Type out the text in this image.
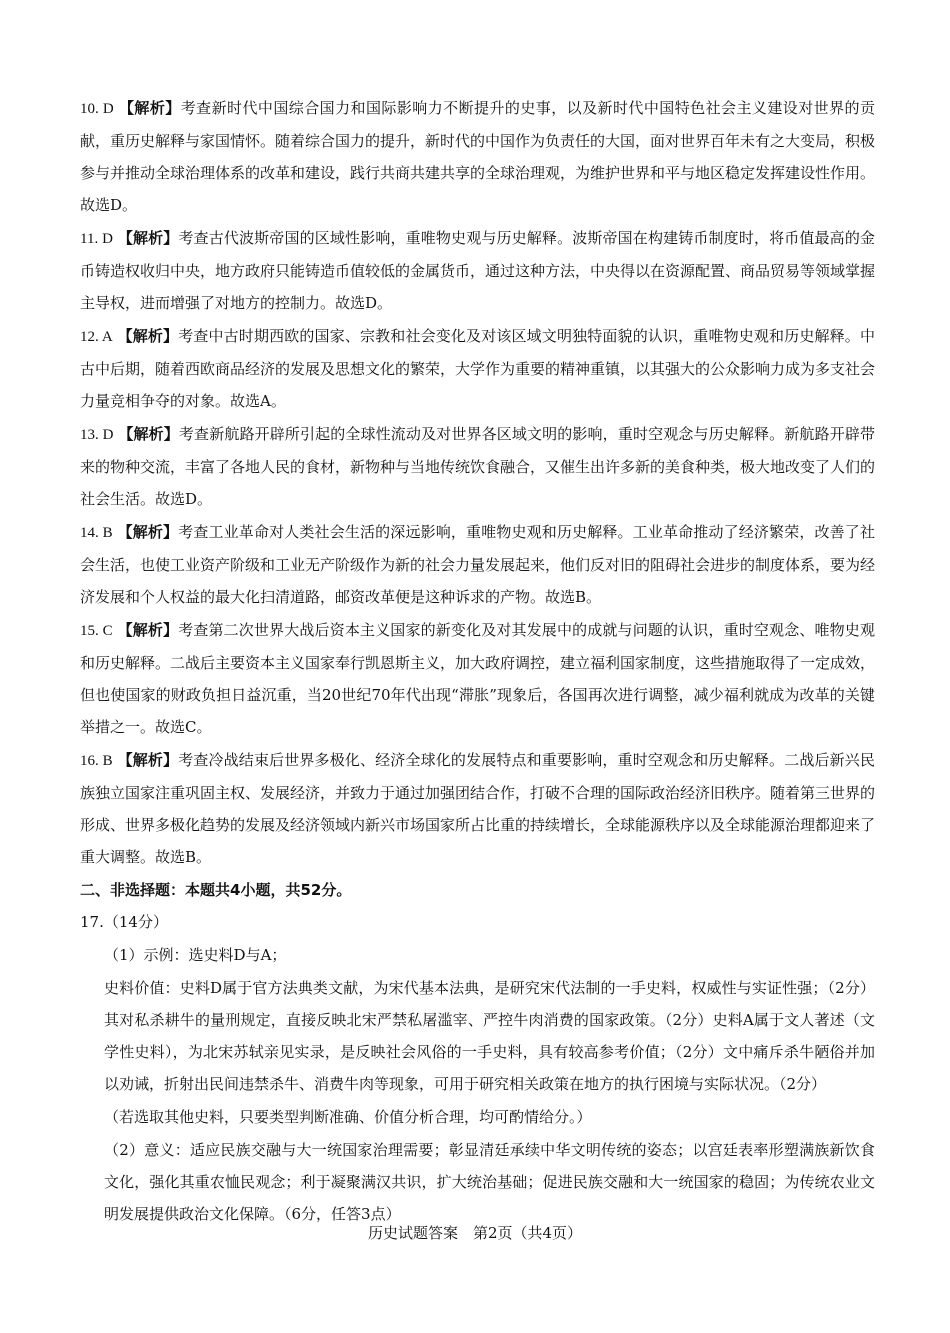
10. D 【解析】考查新时代中国综合国力和国际影响力不断提升的史事，以及新时代中国特色社会主义建设对世界的贡献，重历史解释与家国情怀。随着综合国力的提升，新时代的中国作为负责任的大国，面对世界百年未有之大变局，积极参与并推动全球治理体系的改革和建设，践行共商共建共享的全球治理观，为维护世界和平与地区稳定发挥建设性作用。故选D。

11. D 【解析】考查古代波斯帝国的区域性影响，重唯物史观与历史解释。波斯帝国在构建铸币制度时，将币值最高的金币铸造权收归中央，地方政府只能铸造币值较低的金属货币，通过这种方法，中央得以在资源配置、商品贸易等领域掌握主导权，进而增强了对地方的控制力。故选D。

12. A 【解析】考查中古时期西欧的国家、宗教和社会变化及对该区域文明独特面貌的认识，重唯物史观和历史解释。中古中后期，随着西欧商品经济的发展及思想文化的繁荣，大学作为重要的精神重镇，以其强大的公众影响力成为多支社会力量竞相争夺的对象。故选A。

13. D 【解析】考查新航路开辟所引起的全球性流动及对世界各区域文明的影响，重时空观念与历史解释。新航路开辟带来的物种交流，丰富了各地人民的食材，新物种与当地传统饮食融合，又催生出许多新的美食种类，极大地改变了人们的社会生活。故选D。

14. B 【解析】考查工业革命对人类社会生活的深远影响，重唯物史观和历史解释。工业革命推动了经济繁荣，改善了社会生活，也使工业资产阶级和工业无产阶级作为新的社会力量发展起来，他们反对旧的阻碍社会进步的制度体系，要为经济发展和个人权益的最大化扫清道路，邮资改革便是这种诉求的产物。故选B。

15. C 【解析】考查第二次世界大战后资本主义国家的新变化及对其发展中的成就与问题的认识，重时空观念、唯物史观和历史解释。二战后主要资本主义国家奉行凯恩斯主义，加大政府调控，建立福利国家制度，这些措施取得了一定成效，但也使国家的财政负担日益沉重，当20世纪70年代出现“滞胀”现象后，各国再次进行调整，减少福利就成为改革的关键举措之一。故选C。

16. B 【解析】考查冷战结束后世界多极化、经济全球化的发展特点和重要影响，重时空观念和历史解释。二战后新兴民族独立国家注重巩固主权、发展经济，并致力于通过加强团结合作，打破不合理的国际政治经济旧秩序。随着第三世界的形成、世界多极化趋势的发展及经济领域内新兴市场国家所占比重的持续增长，全球能源秩序以及全球能源治理都迎来了重大调整。故选B。

二、非选择题：本题共4小题，共52分。

17.（14分）

（1）示例：选史料D与A；

史料价值：史料D属于官方法典类文献，为宋代基本法典，是研究宋代法制的一手史料，权威性与实证性强；（2分）其对私杀耕牛的量刑规定，直接反映北宋严禁私屠滥宰、严控牛肉消费的国家政策。（2分）史料A属于文人著述（文学性史料），为北宋苏轼亲见实录，是反映社会风俗的一手史料，具有较高参考价值；（2分）文中痛斥杀牛陋俗并加以劝诫，折射出民间违禁杀牛、消费牛肉等现象，可用于研究相关政策在地方的执行困境与实际状况。（2分）

（若选取其他史料，只要类型判断准确、价值分析合理，均可酌情给分。）

（2）意义：适应民族交融与大一统国家治理需要；彰显清廷承续中华文明传统的姿态；以宫廷表率形塑满族新饮食文化，强化其重农恤民观念；利于凝聚满汉共识，扩大统治基础；促进民族交融和大一统国家的稳固；为传统农业文明发展提供政治文化保障。（6分，任答3点）

历史试题答案　第2页（共4页）
